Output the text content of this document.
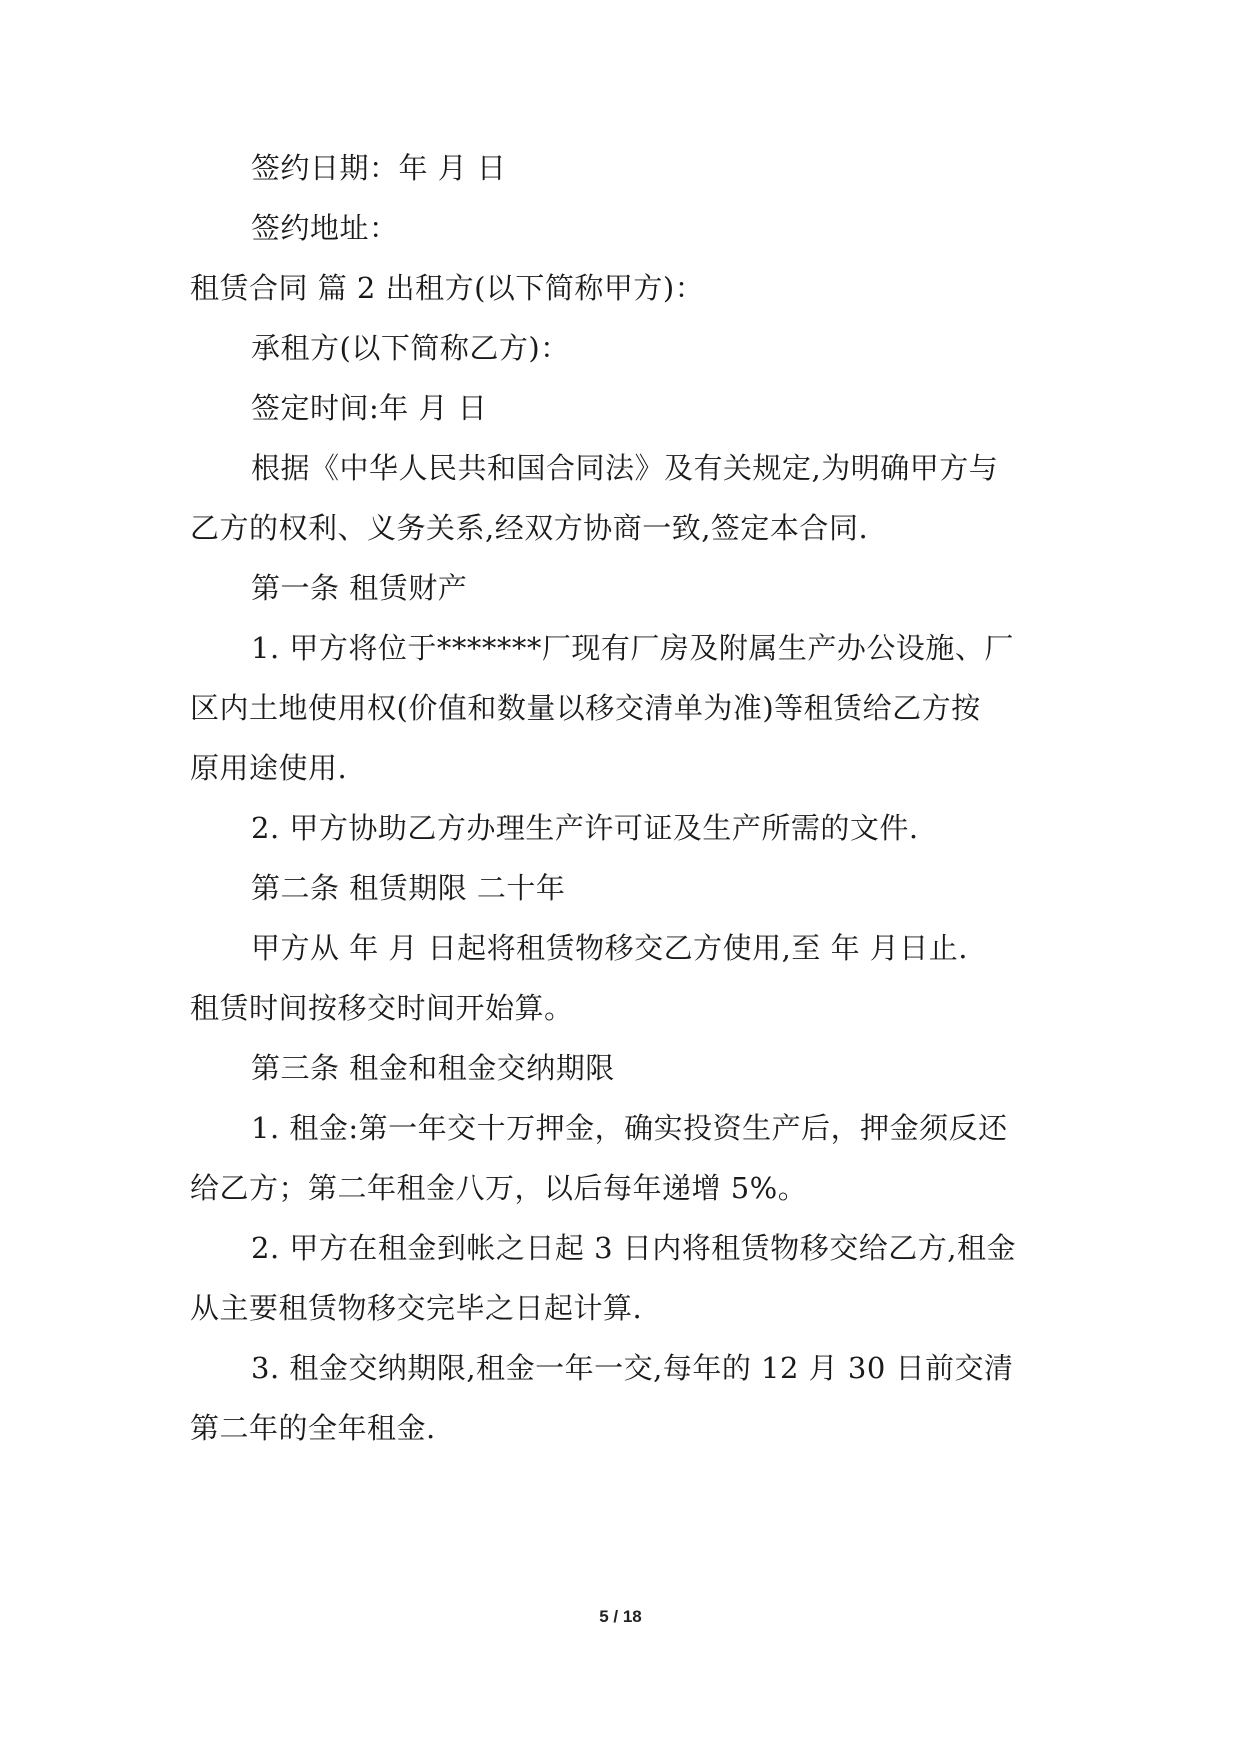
签约日期：年 月 日
签约地址：
租赁合同 篇 2 出租方(以下简称甲方)：
承租方(以下简称乙方)：
签定时间:年 月 日
根据《中华人民共和国合同法》及有关规定,为明确甲方与
乙方的权利、义务关系,经双方协商一致,签定本合同.
第一条 租赁财产
1. 甲方将位于*******厂现有厂房及附属生产办公设施、厂
区内土地使用权(价值和数量以移交清单为准)等租赁给乙方按
原用途使用.
2. 甲方协助乙方办理生产许可证及生产所需的文件.
第二条 租赁期限 二十年
甲方从 年 月 日起将租赁物移交乙方使用,至 年 月日止.
租赁时间按移交时间开始算。
第三条 租金和租金交纳期限
1. 租金:第一年交十万押金，确实投资生产后，押金须反还
给乙方；第二年租金八万，以后每年递增 5%。
2. 甲方在租金到帐之日起 3 日内将租赁物移交给乙方,租金
从主要租赁物移交完毕之日起计算.
3. 租金交纳期限,租金一年一交,每年的 12 月 30 日前交清
第二年的全年租金.
5 / 18
